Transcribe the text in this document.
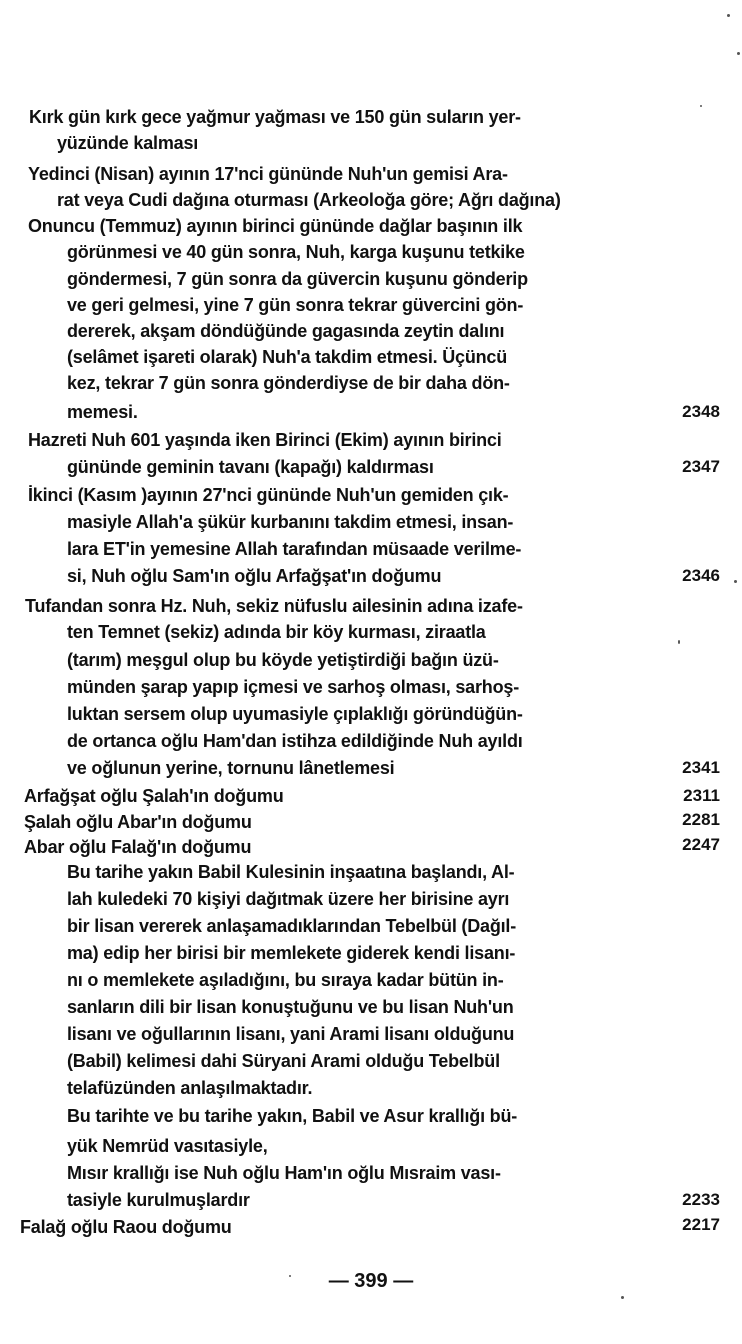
Kırk gün kırk gece yağmur yağması ve 150 gün suların yer-
yüzünde kalması
Yedinci (Nisan) ayının 17'nci gününde Nuh'un gemisi Ara-
rat veya Cudi dağına oturması (Arkeoloğa göre; Ağrı dağına)
Onuncu (Temmuz) ayının birinci gününde dağlar başının ilk
görünmesi ve 40 gün sonra, Nuh, karga kuşunu tetkike
göndermesi, 7 gün sonra da güvercin kuşunu gönderip
ve geri gelmesi, yine 7 gün sonra tekrar güvercini gön-
dererek, akşam döndüğünde gagasında zeytin dalını
(selâmet işareti olarak) Nuh'a takdim etmesi. Üçüncü
kez, tekrar 7 gün sonra gönderdiyse de bir daha dön-
memesi.
Hazreti Nuh 601 yaşında iken Birinci (Ekim) ayının birinci
gününde geminin tavanı (kapağı) kaldırması
İkinci (Kasım )ayının 27'nci gününde Nuh'un gemiden çık-
masiyle Allah'a şükür kurbanını takdim etmesi, insan-
lara ET'in yemesine Allah tarafından müsaade verilme-
si, Nuh oğlu Sam'ın oğlu Arfağşat'ın doğumu
Tufandan sonra Hz. Nuh, sekiz nüfuslu ailesinin adına izafe-
ten Temnet (sekiz) adında bir köy kurması, ziraatla
(tarım) meşgul olup bu köyde yetiştirdiği bağın üzü-
münden şarap yapıp içmesi ve sarhoş olması, sarhoş-
luktan sersem olup uyumasiyle çıplaklığı göründüğün-
de ortanca oğlu Ham'dan istihza edildiğinde Nuh ayıldı
ve oğlunun yerine, tornunu lânetlemesi
Arfağşat oğlu Şalah'ın doğumu
Şalah oğlu Abar'ın doğumu
Abar oğlu Falağ'ın doğumu
Bu tarihe yakın Babil Kulesinin inşaatına başlandı, Al-
lah kuledeki 70 kişiyi dağıtmak üzere her birisine ayrı
bir lisan vererek anlaşamadıklarından Tebelbül (Dağıl-
ma) edip her birisi bir memlekete giderek kendi lisanı-
nı o memlekete aşıladığını, bu sıraya kadar bütün in-
sanların dili bir lisan konuştuğunu ve bu lisan Nuh'un
lisanı ve oğullarının lisanı, yani Arami lisanı olduğunu
(Babil) kelimesi dahi Süryani Arami olduğu Tebelbül
telafüzünden anlaşılmaktadır.
Bu tarihte ve bu tarihe yakın, Babil ve Asur krallığı bü-
yük Nemrüd vasıtasiyle,
Mısır krallığı ise Nuh oğlu Ham'ın oğlu Mısraim vası-
tasiyle kurulmuşlardır
Falağ oğlu Raou doğumu
2348
2347
2346
2341
2311
2281
2247
2233
2217
— 399 —
